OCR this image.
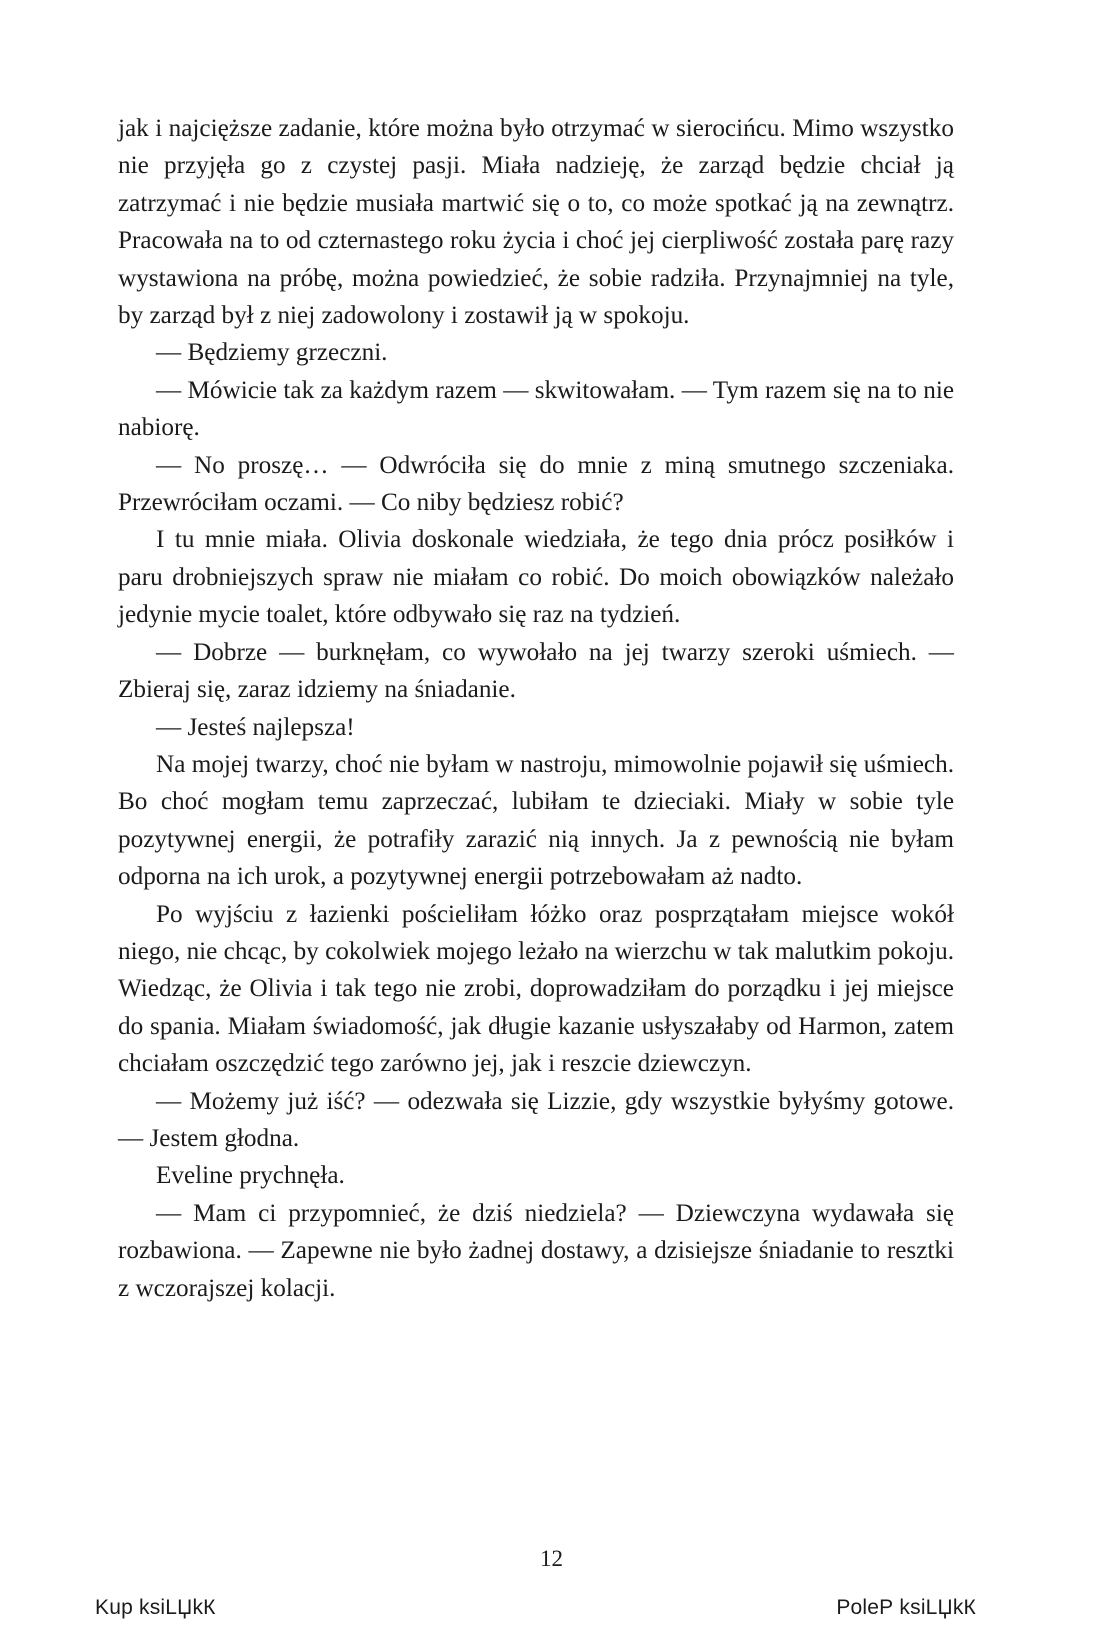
jak i najcięższe zadanie, które można było otrzymać w sierocińcu. Mimo wszystko nie przyjęła go z czystej pasji. Miała nadzieję, że zarząd będzie chciał ją zatrzymać i nie będzie musiała martwić się o to, co może spotkać ją na zewnątrz. Pracowała na to od czternastego roku życia i choć jej cierpliwość została parę razy wystawiona na próbę, można powiedzieć, że sobie radziła. Przynajmniej na tyle, by zarząd był z niej zadowolony i zostawił ją w spokoju.

— Będziemy grzeczni.

— Mówicie tak za każdym razem — skwitowałam. — Tym razem się na to nie nabiorę.

— No proszę… — Odwróciła się do mnie z miną smutnego szczeniaka. Przewróciłam oczami. — Co niby będziesz robić?

I tu mnie miała. Olivia doskonale wiedziała, że tego dnia prócz posiłków i paru drobniejszych spraw nie miałam co robić. Do moich obowiązków należało jedynie mycie toalet, które odbywało się raz na tydzień.

— Dobrze — burknęłam, co wywołało na jej twarzy szeroki uśmiech. — Zbieraj się, zaraz idziemy na śniadanie.

— Jesteś najlepsza!

Na mojej twarzy, choć nie byłam w nastroju, mimowolnie pojawił się uśmiech. Bo choć mogłam temu zaprzeczać, lubiłam te dzieciaki. Miały w sobie tyle pozytywnej energii, że potrafiły zarazić nią innych. Ja z pewnością nie byłam odporna na ich urok, a pozytywnej energii potrzebowałam aż nadto.

Po wyjściu z łazienki pościeliłam łóżko oraz posprzątałam miejsce wokół niego, nie chcąc, by cokolwiek mojego leżało na wierzchu w tak malutkim pokoju. Wiedząc, że Olivia i tak tego nie zrobi, doprowadziłam do porządku i jej miejsce do spania. Miałam świadomość, jak długie kazanie usłyszałaby od Harmon, zatem chciałam oszczędzić tego zarówno jej, jak i reszcie dziewczyn.

— Możemy już iść? — odezwała się Lizzie, gdy wszystkie byłyśmy gotowe. — Jestem głodna.

Eveline prychnęła.

— Mam ci przypomnieć, że dziś niedziela? — Dziewczyna wydawała się rozbawiona. — Zapewne nie było żadnej dostawy, a dzisiejsze śniadanie to resztki z wczorajszej kolacji.

12
Kup ksiLЏkК	PoleР ksiLЏkК
